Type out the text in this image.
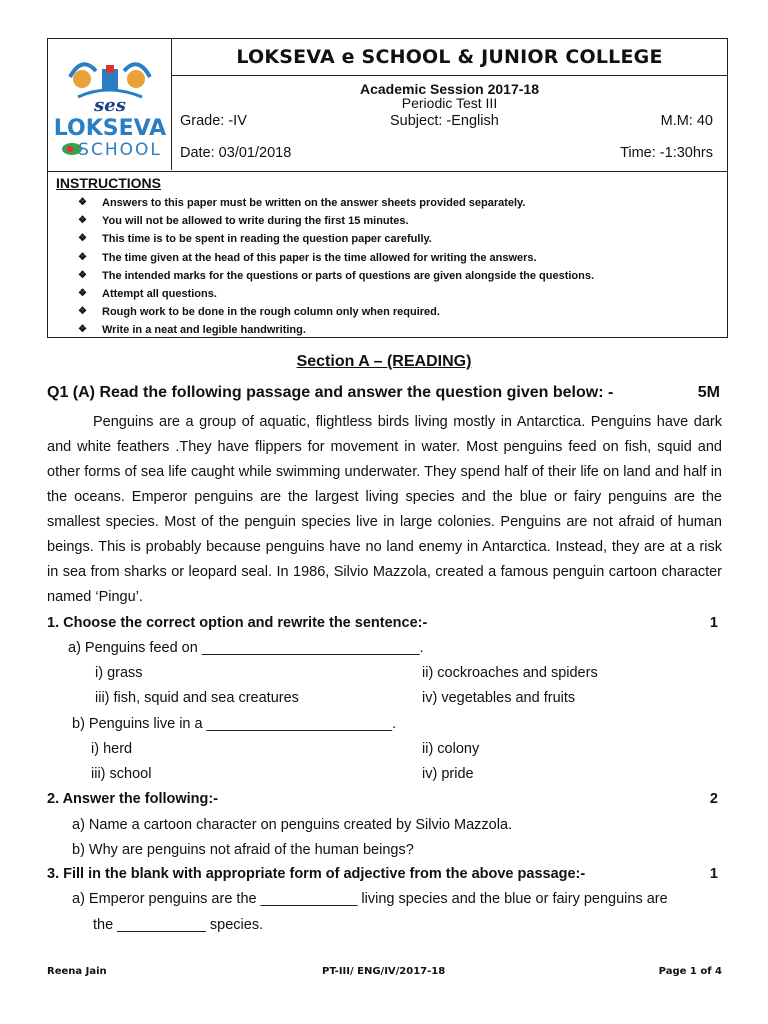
ses
LOKSEVA
SCHOOL
LOKSEVA e SCHOOL & JUNIOR COLLEGE
Academic Session 2017-18
Periodic Test III
Grade: -IV	Subject: -English	M.M: 40
Date: 03/01/2018	Time: -1:30hrs
INSTRUCTIONS
❖	Answers to this paper must be written on the answer sheets provided separately.
❖	You will not be allowed to write during the first 15 minutes.
❖	This time is to be spent in reading the question paper carefully.
❖	The time given at the head of this paper is the time allowed for writing the answers.
❖	The intended marks for the questions or parts of questions are given alongside the questions.
❖	Attempt all questions.
❖	Rough work to be done in the rough column only when required.
❖	Write in a neat and legible handwriting.
Section A – (READING)
Q1 (A) Read the following passage and answer the question given below: -	5M
Penguins are a group of aquatic, flightless birds living mostly in Antarctica. Penguins have dark and white feathers .They have flippers for movement in water. Most penguins feed on fish, squid and other forms of sea life caught while swimming underwater. They spend half of their life on land and half in the oceans. Emperor penguins are the largest living species and the blue or fairy penguins are the smallest species. Most of the penguin species live in large colonies. Penguins are not afraid of human beings. This is probably because penguins have no land enemy in Antarctica. Instead, they are at a risk in sea from sharks or leopard seal. In 1986, Silvio Mazzola, created a famous penguin cartoon character named ‘Pingu’.
1. Choose the correct option and rewrite the sentence:-	1
a) Penguins feed on ___________________________.
i) grass	ii) cockroaches and spiders
iii) fish, squid and sea creatures	iv) vegetables and fruits
b) Penguins live in a _______________________.
i) herd	ii) colony
iii) school	iv) pride
2. Answer the following:-	2
a) Name a cartoon character on penguins created by Silvio Mazzola.
b) Why are penguins not afraid of the human beings?
3. Fill in the blank with appropriate form of adjective from the above passage:-	1
a) Emperor penguins are the ____________ living species and the blue or fairy penguins are
the ___________ species.
Reena Jain	PT-III/ ENG/IV/2017-18	Page 1 of 4
